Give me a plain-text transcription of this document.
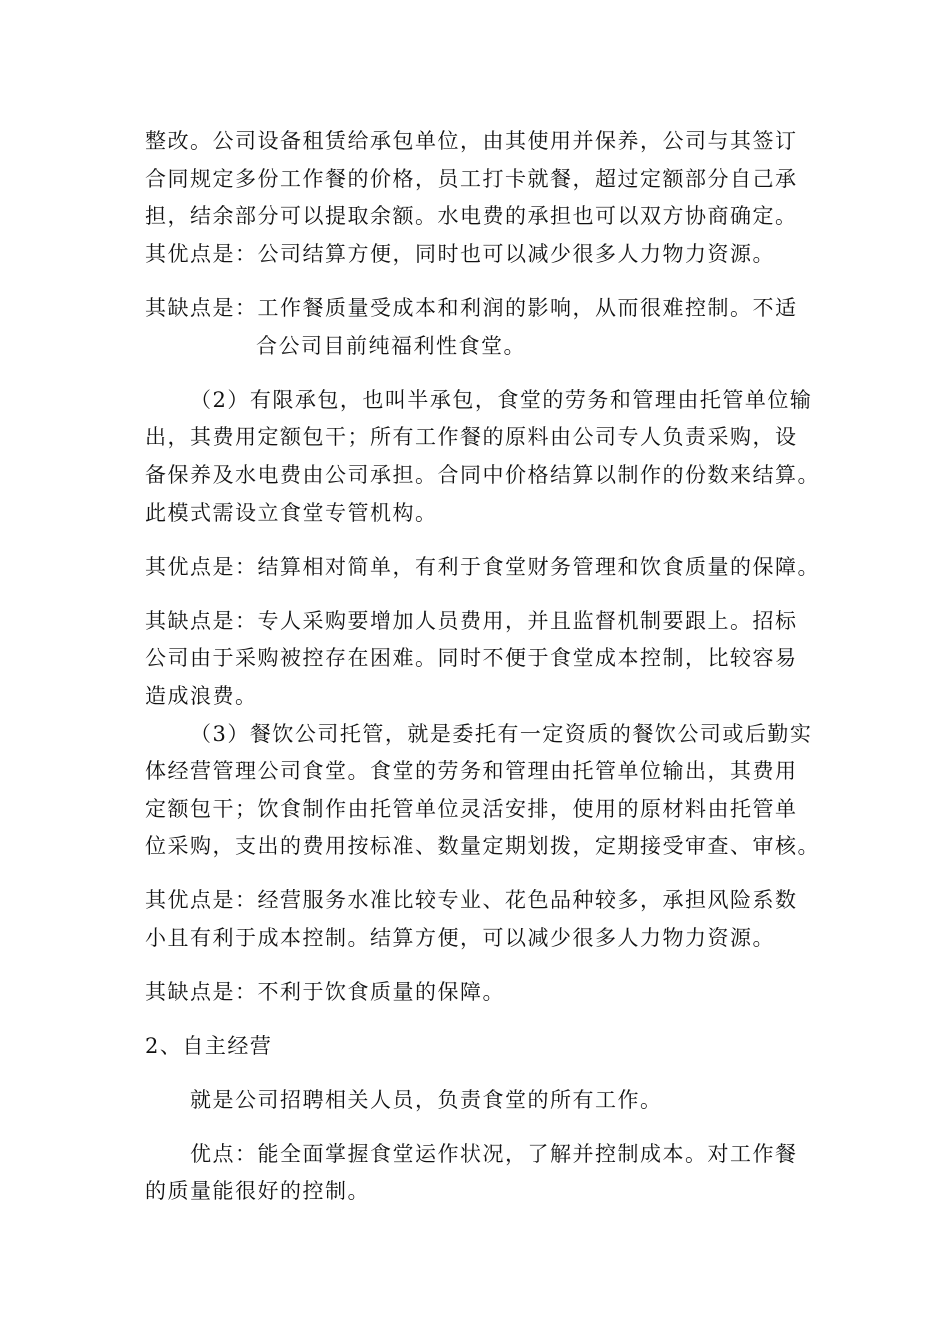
整改。公司设备租赁给承包单位，由其使用并保养，公司与其签订
合同规定多份工作餐的价格，员工打卡就餐，超过定额部分自己承
担，结余部分可以提取余额。水电费的承担也可以双方协商确定。
其优点是：公司结算方便，同时也可以减少很多人力物力资源。
其缺点是：工作餐质量受成本和利润的影响，从而很难控制。不适
合公司目前纯福利性食堂。
（2）有限承包，也叫半承包，食堂的劳务和管理由托管单位输
出，其费用定额包干；所有工作餐的原料由公司专人负责采购，设
备保养及水电费由公司承担。合同中价格结算以制作的份数来结算。
此模式需设立食堂专管机构。
其优点是：结算相对简单，有利于食堂财务管理和饮食质量的保障。
其缺点是：专人采购要增加人员费用，并且监督机制要跟上。招标
公司由于采购被控存在困难。同时不便于食堂成本控制，比较容易
造成浪费。
（3）餐饮公司托管，就是委托有一定资质的餐饮公司或后勤实
体经营管理公司食堂。食堂的劳务和管理由托管单位输出，其费用
定额包干；饮食制作由托管单位灵活安排，使用的原材料由托管单
位采购，支出的费用按标准、数量定期划拨，定期接受审查、审核。
其优点是：经营服务水准比较专业、花色品种较多，承担风险系数
小且有利于成本控制。结算方便，可以减少很多人力物力资源。
其缺点是：不利于饮食质量的保障。
2、自主经营
就是公司招聘相关人员，负责食堂的所有工作。
优点：能全面掌握食堂运作状况，了解并控制成本。对工作餐
的质量能很好的控制。
